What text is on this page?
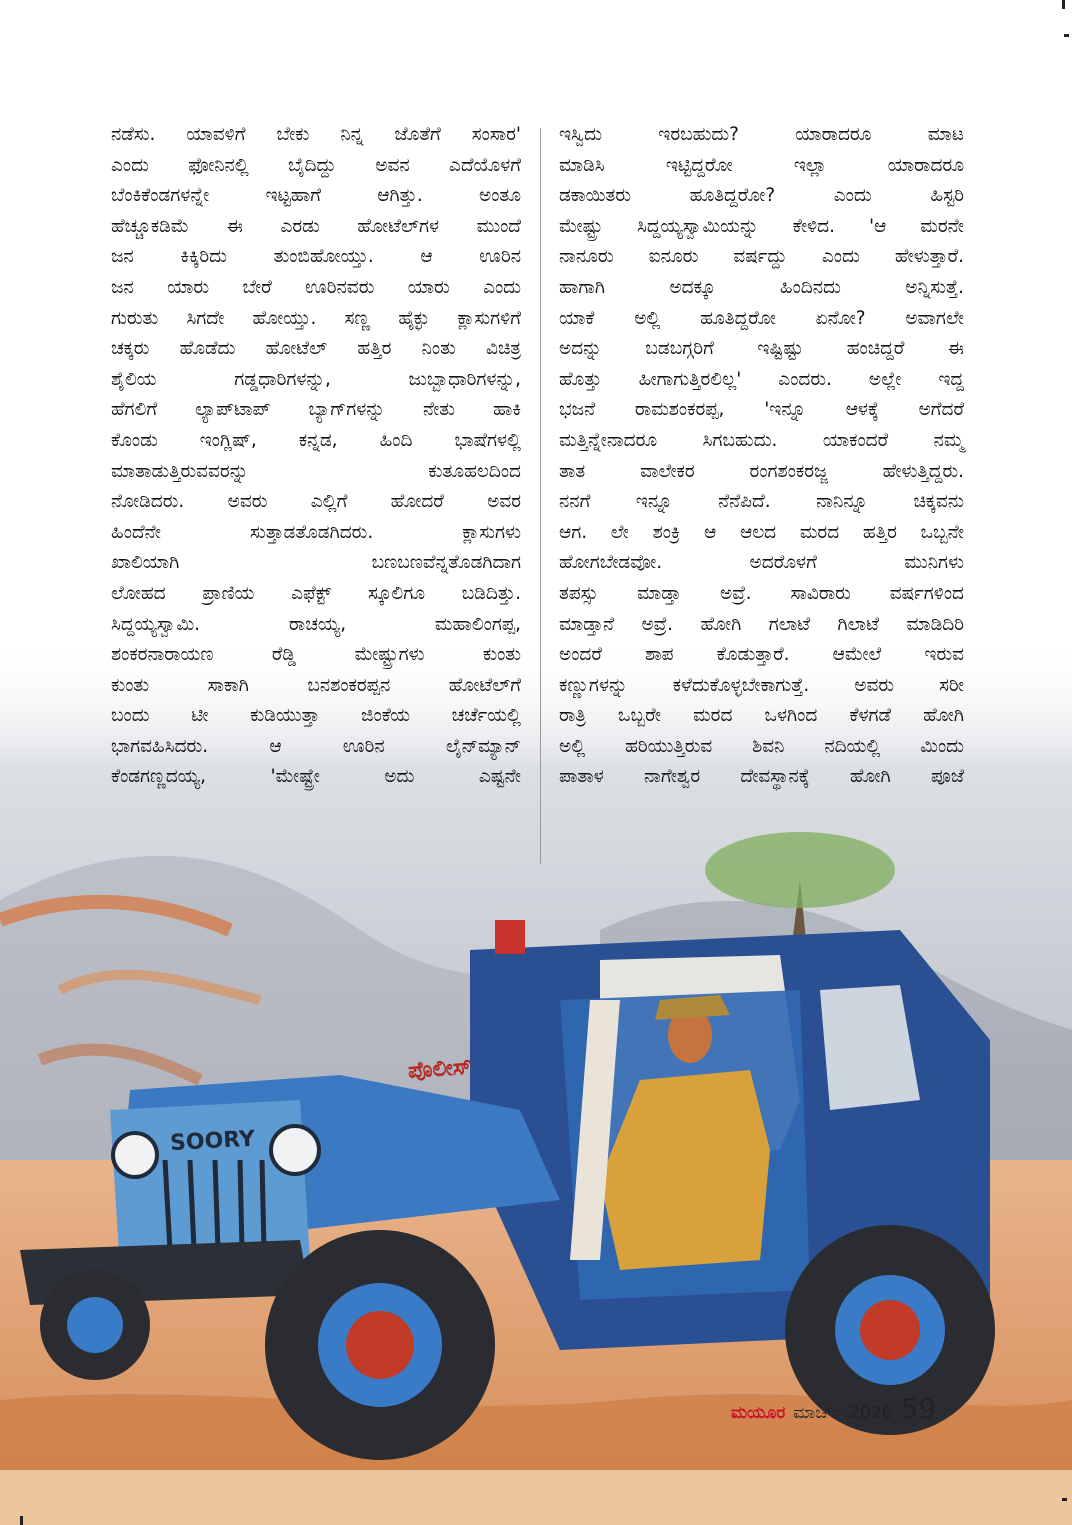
ಪೊಲೀಸ್
SOORY
ನಡೆಸು. ಯಾವಳಿಗೆ ಬೇಕು ನಿನ್ನ ಜೊತೆಗೆ ಸಂಸಾರ'
ಎಂದು ಫೋನಿನಲ್ಲಿ ಬೈದಿದ್ದು ಅವನ ಎದೆಯೊಳಗೆ
ಬೆಂಕಿಕೆಂಡಗಳನ್ನೇ ಇಟ್ಟಹಾಗೆ ಆಗಿತ್ತು. ಅಂತೂ
ಹೆಚ್ಚೂಕಡಿಮೆ ಈ ಎರಡು ಹೋಟೆಲ್‌ಗಳ ಮುಂದೆ
ಜನ ಕಿಕ್ಕಿರಿದು ತುಂಬಿಹೋಯ್ತು. ಆ ಊರಿನ
ಜನ ಯಾರು ಬೇರೆ ಊರಿನವರು ಯಾರು ಎಂದು
ಗುರುತು ಸಿಗದೇ ಹೋಯ್ತು. ಸಣ್ಣ ಹೈಕ್ಳು ಕ್ಲಾಸುಗಳಿಗೆ
ಚಕ್ಕರು ಹೊಡೆದು ಹೋಟೆಲ್ ಹತ್ತಿರ ನಿಂತು ವಿಚಿತ್ರ
ಶೈಲಿಯ ಗಡ್ಡಧಾರಿಗಳನ್ನು, ಜುಬ್ಬಾಧಾರಿಗಳನ್ನು,
ಹೆಗಲಿಗೆ ಲ್ಯಾಪ್‌ಟಾಪ್ ಬ್ಯಾಗ್‌ಗಳನ್ನು ನೇತು ಹಾಕಿ
ಕೊಂಡು ಇಂಗ್ಲಿಷ್, ಕನ್ನಡ, ಹಿಂದಿ ಭಾಷೆಗಳಲ್ಲಿ
ಮಾತಾಡುತ್ತಿರುವವರನ್ನು ಕುತೂಹಲದಿಂದ
ನೋಡಿದರು. ಅವರು ಎಲ್ಲಿಗೆ ಹೋದರೆ ಅವರ
ಹಿಂದೆನೇ ಸುತ್ತಾಡತೊಡಗಿದರು. ಕ್ಲಾಸುಗಳು
ಖಾಲಿಯಾಗಿ ಬಣಬಣವೆನ್ನತೊಡಗಿದಾಗ
ಲೋಹದ ಪ್ರಾಣಿಯ ಎಫೆಕ್ಟ್ ಸ್ಕೂಲಿಗೂ ಬಡಿದಿತ್ತು.
ಸಿದ್ದಯ್ಯಸ್ವಾಮಿ. ರಾಚಯ್ಯ, ಮಹಾಲಿಂಗಪ್ಪ,
ಶಂಕರನಾರಾಯಣ ರೆಡ್ಡಿ ಮೇಷ್ಟ್ರುಗಳು ಕುಂತು
ಕುಂತು ಸಾಕಾಗಿ ಬನಶಂಕರಪ್ಪನ ಹೋಟೆಲ್‌ಗೆ
ಬಂದು ಟೀ ಕುಡಿಯುತ್ತಾ ಜಿಂಕೆಯ ಚರ್ಚೆಯಲ್ಲಿ
ಭಾಗವಹಿಸಿದರು. ಆ ಊರಿನ ಲೈನ್‌ಮ್ಯಾನ್
ಕೆಂಡಗಣ್ಣದಯ್ಯ, 'ಮೇಷ್ಟ್ರೇ ಅದು ಎಷ್ಟನೇ
ಇಸ್ವಿದು ಇರಬಹುದು? ಯಾರಾದರೂ ಮಾಟ
ಮಾಡಿಸಿ ಇಟ್ಟಿದ್ದರೋ ಇಲ್ಲಾ ಯಾರಾದರೂ
ಡಕಾಯಿತರು ಹೂತಿದ್ದರೋ? ಎಂದು ಹಿಸ್ಟರಿ
ಮೇಷ್ಟ್ರು ಸಿದ್ದಯ್ಯಸ್ವಾಮಿಯನ್ನು ಕೇಳಿದ. 'ಆ ಮರನೇ
ನಾನೂರು ಐನೂರು ವರ್ಷದ್ದು ಎಂದು ಹೇಳುತ್ತಾರೆ.
ಹಾಗಾಗಿ ಅದಕ್ಕೂ ಹಿಂದಿನದು ಅನ್ನಿಸುತ್ತೆ.
ಯಾಕೆ ಅಲ್ಲಿ ಹೂತಿದ್ದರೋ ಏನೋ? ಅವಾಗಲೇ
ಅದನ್ನು ಬಡಬಗ್ಗರಿಗೆ ಇಷ್ಟಿಷ್ಟು ಹಂಚಿದ್ದರೆ ಈ
ಹೊತ್ತು ಹೀಗಾಗುತ್ತಿರಲಿಲ್ಲ' ಎಂದರು. ಅಲ್ಲೇ ಇದ್ದ
ಭಜನೆ ರಾಮಶಂಕರಪ್ಪ, 'ಇನ್ನೂ ಆಳಕ್ಕೆ ಅಗೆದರೆ
ಮತ್ತಿನ್ನೇನಾದರೂ ಸಿಗಬಹುದು. ಯಾಕಂದರೆ ನಮ್ಮ
ತಾತ ವಾಲೇಕರ ರಂಗಶಂಕರಜ್ಜ ಹೇಳುತ್ತಿದ್ದರು.
ನನಗೆ ಇನ್ನೂ ನೆನೆಪಿದೆ. ನಾನಿನ್ನೂ ಚಿಕ್ಕವನು
ಆಗ. ಲೇ ಶಂಕ್ರಿ ಆ ಆಲದ ಮರದ ಹತ್ತಿರ ಒಬ್ಬನೇ
ಹೋಗಬೇಡವೋ. ಅದರೊಳಗೆ ಮುನಿಗಳು
ತಪಸ್ಸು ಮಾಡ್ತಾ ಅವ್ರೆ. ಸಾವಿರಾರು ವರ್ಷಗಳಿಂದ
ಮಾಡ್ತಾನೆ ಅವ್ರೆ. ಹೋಗಿ ಗಲಾಟೆ ಗಿಲಾಟೆ ಮಾಡಿದಿರಿ
ಅಂದರೆ ಶಾಪ ಕೊಡುತ್ತಾರೆ. ಆಮೇಲೆ ಇರುವ
ಕಣ್ಣುಗಳನ್ನು ಕಳೆದುಕೊಳ್ಳಬೇಕಾಗುತ್ತೆ. ಅವರು ಸರೀ
ರಾತ್ರಿ ಒಬ್ಬರೇ ಮರದ ಒಳಗಿಂದ ಕೆಳಗಡೆ ಹೋಗಿ
ಅಲ್ಲಿ ಹರಿಯುತ್ತಿರುವ ಶಿವನಿ ನದಿಯಲ್ಲಿ ಮಿಂದು
ಪಾತಾಳ ನಾಗೇಶ್ವರ ದೇವಸ್ಥಾನಕ್ಕೆ ಹೋಗಿ ಪೂಜೆ
ಮಯೂರ ಮಾರ್ಚ್ 2026 59
